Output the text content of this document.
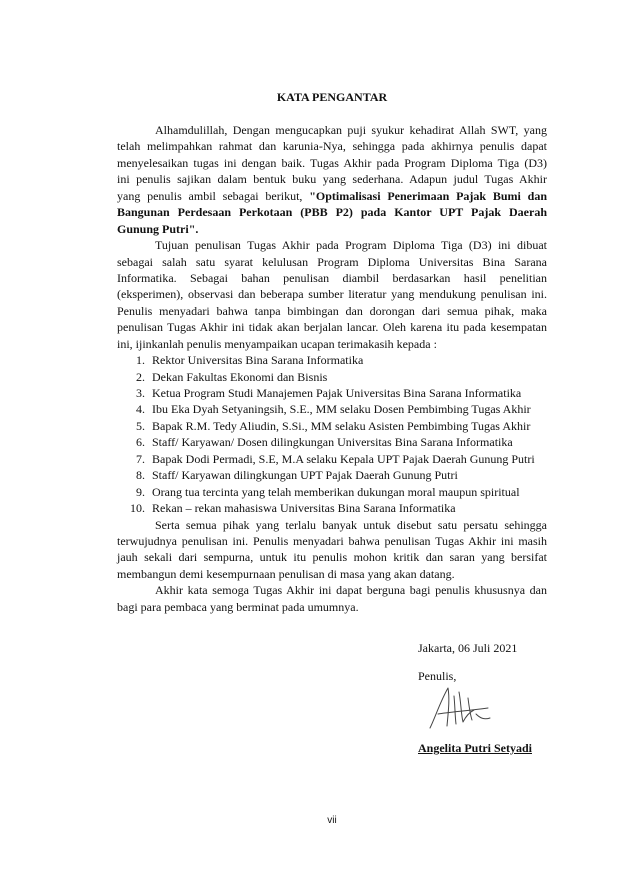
KATA PENGANTAR
Alhamdulillah, Dengan mengucapkan puji syukur kehadirat Allah SWT, yang
telah melimpahkan rahmat dan karunia-Nya, sehingga pada akhirnya penulis dapat
menyelesaikan tugas ini dengan baik. Tugas Akhir pada Program Diploma Tiga (D3)
ini penulis sajikan dalam bentuk buku yang sederhana. Adapun judul Tugas Akhir
yang penulis ambil sebagai berikut, "Optimalisasi Penerimaan Pajak Bumi dan
Bangunan Perdesaan Perkotaan (PBB P2) pada Kantor UPT Pajak Daerah
Gunung Putri".
Tujuan penulisan Tugas Akhir pada Program Diploma Tiga (D3) ini dibuat
sebagai salah satu syarat kelulusan Program Diploma Universitas Bina Sarana
Informatika. Sebagai bahan penulisan diambil berdasarkan hasil penelitian
(eksperimen), observasi dan beberapa sumber literatur yang mendukung penulisan ini.
Penulis menyadari bahwa tanpa bimbingan dan dorongan dari semua pihak, maka
penulisan Tugas Akhir ini tidak akan berjalan lancar. Oleh karena itu pada kesempatan
ini, ijinkanlah penulis menyampaikan ucapan terimakasih kepada :
1. Rektor Universitas Bina Sarana Informatika
2. Dekan Fakultas Ekonomi dan Bisnis
3. Ketua Program Studi Manajemen Pajak Universitas Bina Sarana Informatika
4. Ibu Eka Dyah Setyaningsih, S.E., MM selaku Dosen Pembimbing Tugas Akhir
5. Bapak R.M. Tedy Aliudin, S.Si., MM selaku Asisten Pembimbing Tugas Akhir
6. Staff/ Karyawan/ Dosen dilingkungan Universitas Bina Sarana Informatika
7. Bapak Dodi Permadi, S.E, M.A selaku Kepala UPT Pajak Daerah Gunung Putri
8. Staff/ Karyawan dilingkungan UPT Pajak Daerah Gunung Putri
9. Orang tua tercinta yang telah memberikan dukungan moral maupun spiritual
10. Rekan – rekan mahasiswa Universitas Bina Sarana Informatika
Serta semua pihak yang terlalu banyak untuk disebut satu persatu sehingga
terwujudnya penulisan ini. Penulis menyadari bahwa penulisan Tugas Akhir ini masih
jauh sekali dari sempurna, untuk itu penulis mohon kritik dan saran yang bersifat
membangun demi kesempurnaan penulisan di masa yang akan datang.
Akhir kata semoga Tugas Akhir ini dapat berguna bagi penulis khususnya dan
bagi para pembaca yang berminat pada umumnya.
Jakarta, 06 Juli 2021
Penulis,
Angelita Putri Setyadi
vii
